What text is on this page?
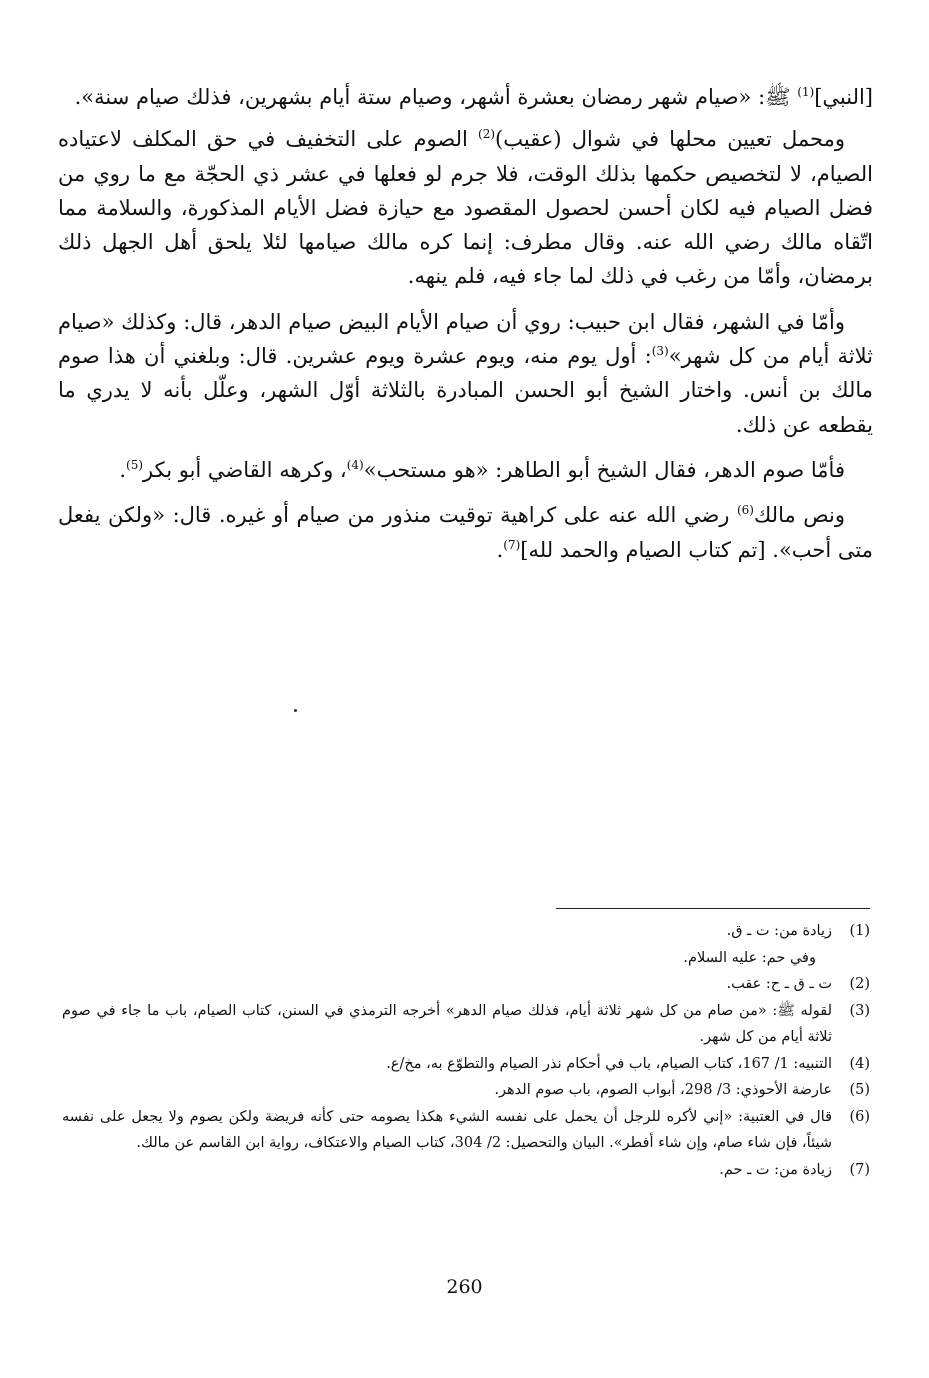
[النبي]$^{(1)}$ ﷺ: «صيام شهر رمضان بعشرة أشهر، وصيام ستة أيام بشهرين، فذلك صيام سنة».

ومحمل تعيين محلها في شوال (عقيب)$^{(2)}$ الصوم على التخفيف في حق المكلف لاعتياده الصيام، لا لتخصيص حكمها بذلك الوقت، فلا جرم لو فعلها في عشر ذي الحجّة مع ما روي من فضل الصيام فيه لكان أحسن لحصول المقصود مع حيازة فضل الأيام المذكورة، والسلامة مما اتّقاه مالك رضي الله عنه. وقال مطرف: إنما كره مالك صيامها لئلا يلحق أهل الجهل ذلك برمضان، وأمّا من رغب في ذلك لما جاء فيه، فلم ينهه.

وأمّا في الشهر، فقال ابن حبيب: روي أن صيام الأيام البيض صيام الدهر، قال: وكذلك «صيام ثلاثة أيام من كل شهر»$^{(3)}$: أول يوم منه، ويوم عشرة ويوم عشرين. قال: وبلغني أن هذا صوم مالك بن أنس. واختار الشيخ أبو الحسن المبادرة بالثلاثة أوّل الشهر، وعلّل بأنه لا يدري ما يقطعه عن ذلك.

فأمّا صوم الدهر، فقال الشيخ أبو الطاهر: «هو مستحب»$^{(4)}$، وكرهه القاضي أبو بكر$^{(5)}$.

ونص مالك$^{(6)}$ رضي الله عنه على كراهية توقيت منذور من صيام أو غيره. قال: «ولكن يفعل متى أحب». [تم كتاب الصيام والحمد لله]$^{(7)}$.

(1)
زيادة من: ت ـ ق.
وفي حم: عليه السلام.
(2)
ت ـ ق ـ ح: عقب.
(3)
لقوله ﷺ: «من صام من كل شهر ثلاثة أيام، فذلك صيام الدهر» أخرجه الترمذي في السنن، كتاب الصيام، باب ما جاء في صوم ثلاثة أيام من كل شهر.
(4)
التنبيه: 1/ 167، كتاب الصيام، باب في أحكام نذر الصيام والتطوّع به، مخ/ع.
(5)
عارضة الأحوذي: 3/ 298، أبواب الصوم، باب صوم الدهر.
(6)
قال في العتبية: «إني لأكره للرجل أن يحمل على نفسه الشيء هكذا يصومه حتى كأنه فريضة ولكن يصوم ولا يجعل على نفسه شيئاً، فإن شاء صام، وإن شاء أفطر». البيان والتحصيل: 2/ 304، كتاب الصيام والاعتكاف، رواية ابن القاسم عن مالك.
(7)
زيادة من: ت ـ حم.
260
